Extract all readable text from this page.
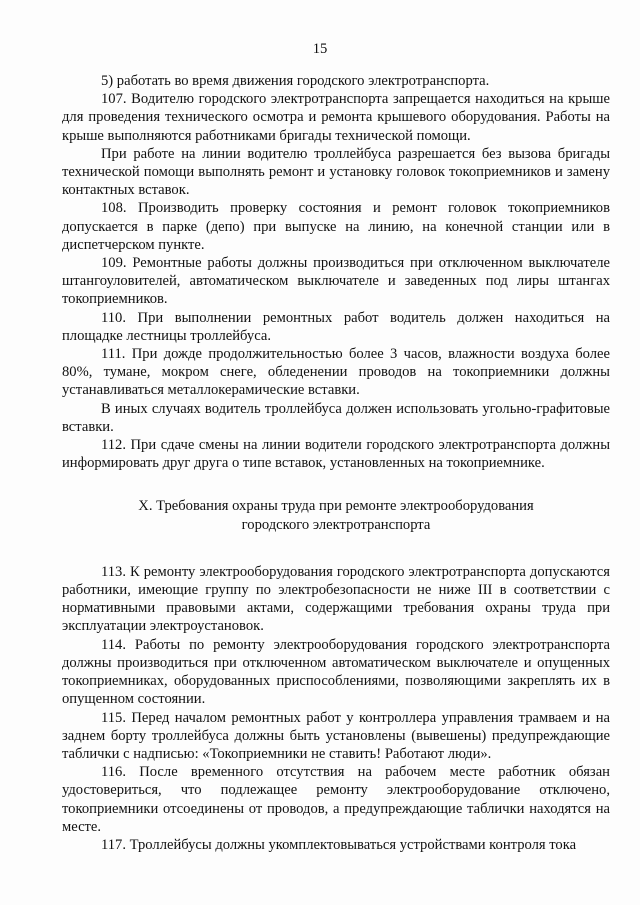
15

5) работать во время движения городского электротранспорта.

107. Водителю городского электротранспорта запрещается находиться на крыше для проведения технического осмотра и ремонта крышевого оборудования. Работы на крыше выполняются работниками бригады технической помощи.

При работе на линии водителю троллейбуса разрешается без вызова бригады технической помощи выполнять ремонт и установку головок токоприемников и замену контактных вставок.

108. Производить проверку состояния и ремонт головок токоприемников допускается в парке (депо) при выпуске на линию, на конечной станции или в диспетчерском пункте.

109. Ремонтные работы должны производиться при отключенном выключателе штангоуловителей, автоматическом выключателе и заведенных под лиры штангах токоприемников.

110. При выполнении ремонтных работ водитель должен находиться на площадке лестницы троллейбуса.

111. При дожде продолжительностью более 3 часов, влажности воздуха более 80%, тумане, мокром снеге, обледенении проводов на токоприемники должны устанавливаться металлокерамические вставки.

В иных случаях водитель троллейбуса должен использовать угольно-графитовые вставки.

112. При сдаче смены на линии водители городского электротранспорта должны информировать друг друга о типе вставок, установленных на токоприемнике.

X. Требования охраны труда при ремонте электрооборудования
городского электротранспорта

113. К ремонту электрооборудования городского электротранспорта допускаются работники, имеющие группу по электробезопасности не ниже III в соответствии с нормативными правовыми актами, содержащими требования охраны труда при эксплуатации электроустановок.

114. Работы по ремонту электрооборудования городского электротранспорта должны производиться при отключенном автоматическом выключателе и опущенных токоприемниках, оборудованных приспособлениями, позволяющими закреплять их в опущенном состоянии.

115. Перед началом ремонтных работ у контроллера управления трамваем и на заднем борту троллейбуса должны быть установлены (вывешены) предупреждающие таблички с надписью: «Токоприемники не ставить! Работают люди».

116. После временного отсутствия на рабочем месте работник обязан удостовериться, что подлежащее ремонту электрооборудование отключено, токоприемники отсоединены от проводов, а предупреждающие таблички находятся на месте.

117. Троллейбусы должны укомплектовываться устройствами контроля тока
